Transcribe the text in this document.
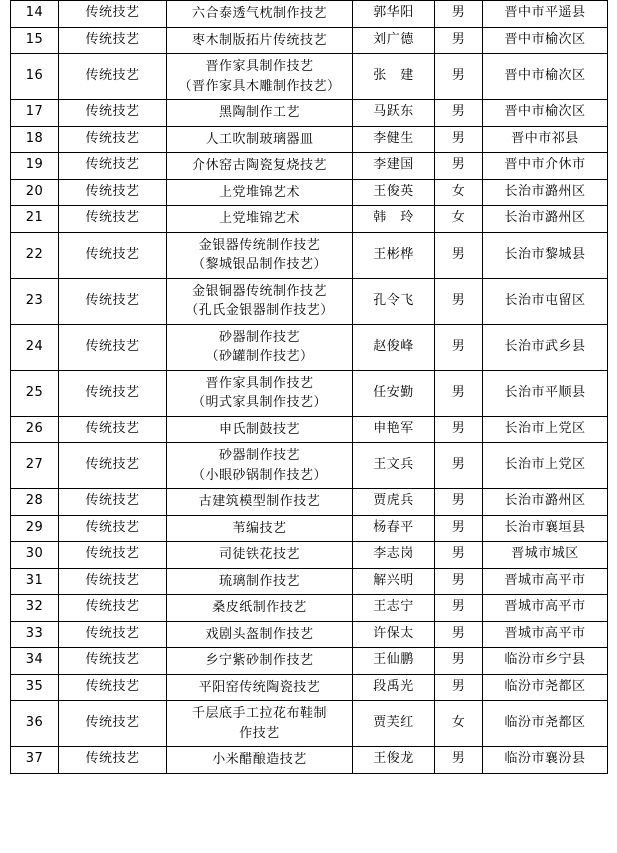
14	传统技艺	六合泰透气枕制作技艺	郭华阳	男	晋中市平遥县
15	传统技艺	枣木制版拓片传统技艺	刘广德	男	晋中市榆次区
16	传统技艺	晋作家具制作技艺
（晋作家具木雕制作技艺）	张　建	男	晋中市榆次区
17	传统技艺	黑陶制作工艺	马跃东	男	晋中市榆次区
18	传统技艺	人工吹制玻璃器皿	李健生	男	晋中市祁县
19	传统技艺	介休窑古陶瓷复烧技艺	李建国	男	晋中市介休市
20	传统技艺	上党堆锦艺术	王俊英	女	长治市潞州区
21	传统技艺	上党堆锦艺术	韩　玲	女	长治市潞州区
22	传统技艺	金银器传统制作技艺
（黎城银品制作技艺）	王彬桦	男	长治市黎城县
23	传统技艺	金银铜器传统制作技艺
（孔氏金银器制作技艺）	孔令飞	男	长治市屯留区
24	传统技艺	砂器制作技艺
（砂罐制作技艺）	赵俊峰	男	长治市武乡县
25	传统技艺	晋作家具制作技艺
（明式家具制作技艺）	任安勤	男	长治市平顺县
26	传统技艺	申氏制鼓技艺	申艳军	男	长治市上党区
27	传统技艺	砂器制作技艺
（小眼砂锅制作技艺）	王文兵	男	长治市上党区
28	传统技艺	古建筑模型制作技艺	贾虎兵	男	长治市潞州区
29	传统技艺	苇编技艺	杨春平	男	长治市襄垣县
30	传统技艺	司徒铁花技艺	李志岗	男	晋城市城区
31	传统技艺	琉璃制作技艺	解兴明	男	晋城市高平市
32	传统技艺	桑皮纸制作技艺	王志宁	男	晋城市高平市
33	传统技艺	戏剧头盔制作技艺	许保太	男	晋城市高平市
34	传统技艺	乡宁紫砂制作技艺	王仙鹏	男	临汾市乡宁县
35	传统技艺	平阳窑传统陶瓷技艺	段禹光	男	临汾市尧都区
36	传统技艺	千层底手工拉花布鞋制
作技艺	贾芙红	女	临汾市尧都区
37	传统技艺	小米醋酿造技艺	王俊龙	男	临汾市襄汾县
